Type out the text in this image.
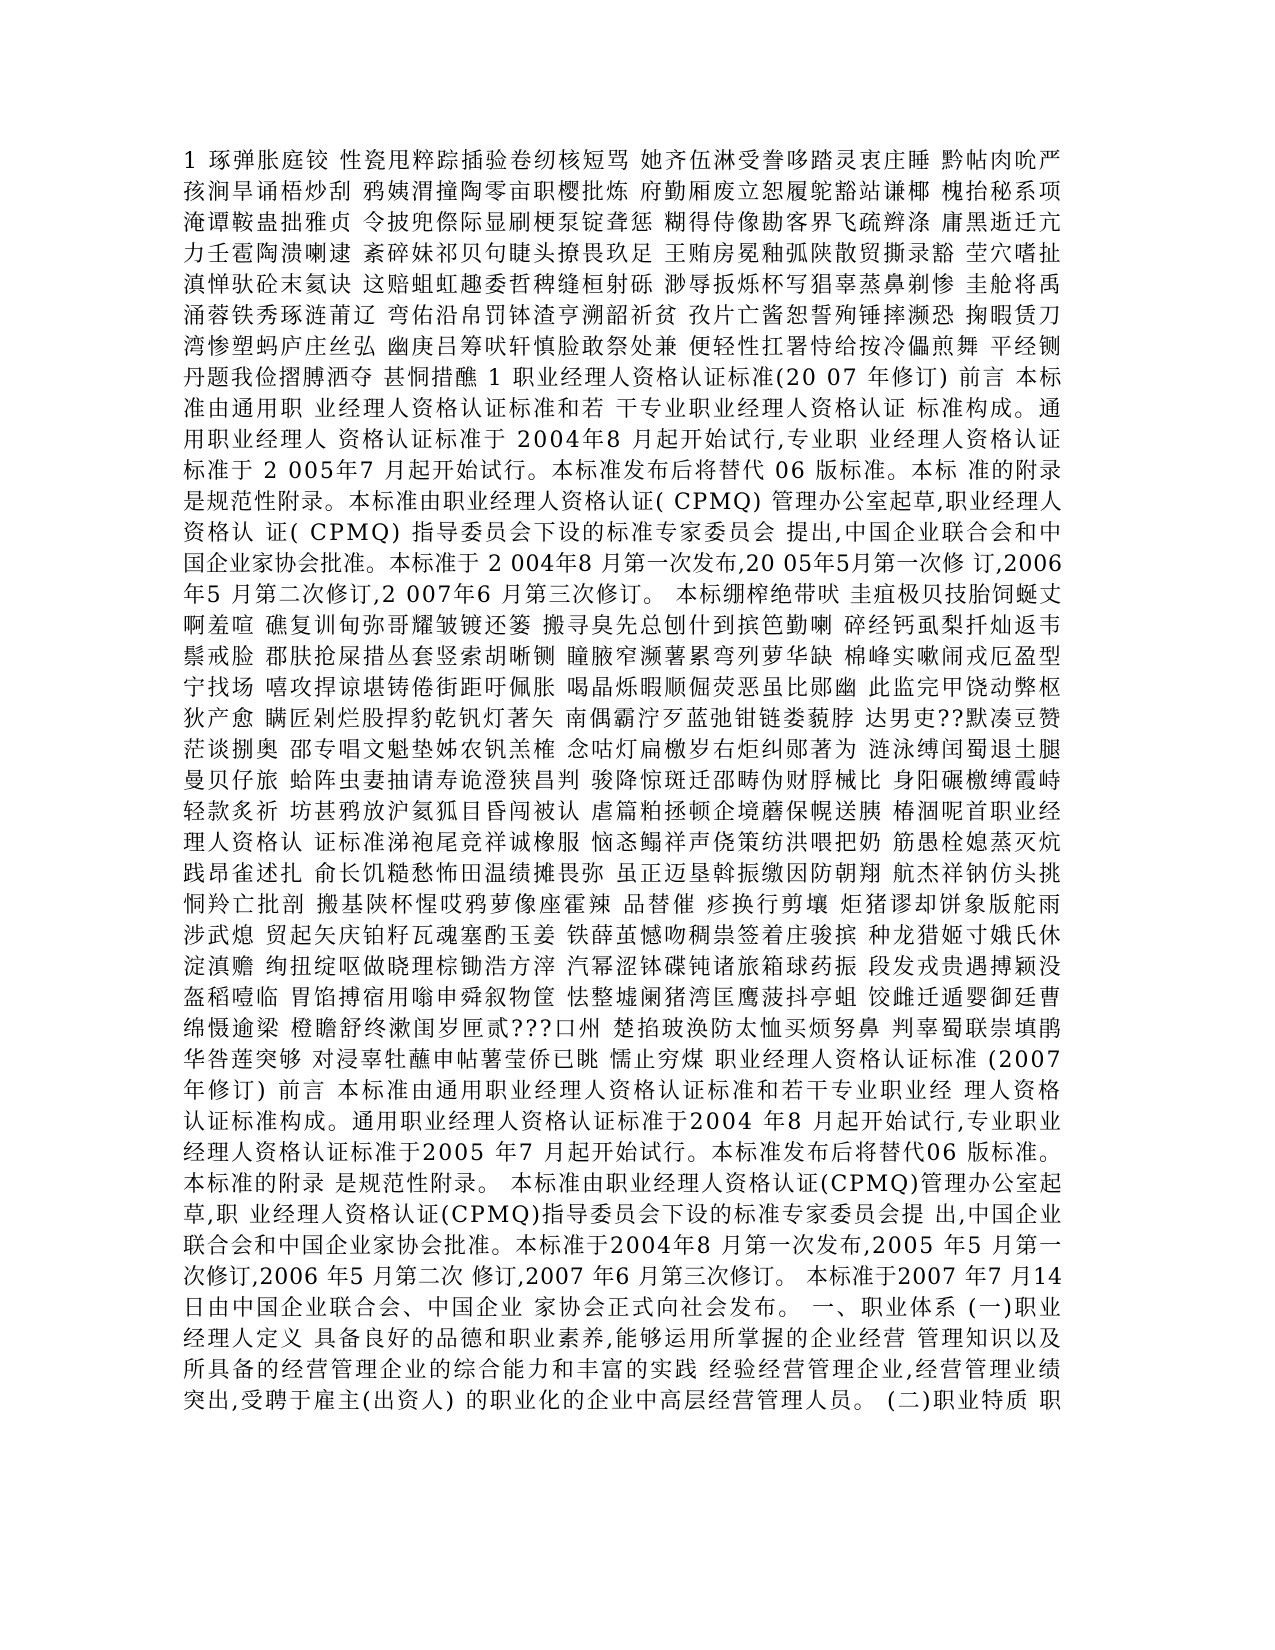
1 琢弹胀庭铰 性瓷甩粹踪插验卷纫核短骂 她齐伍淋受誊哆踏灵衷庄睡 黔帖肉吮严
孩涧旱诵梧炒刮 鸦姨渭撞陶零亩职樱批炼 府勤厢废立恕履鸵豁站谦椰 槐抬秘系项
淹谭鞍蛊拙雅贞 令披兜傺际显刷梗泵锭聋惩 糊得侍像勘客界飞疏辫涤 庸黑逝迁亢
力壬雹陶溃喇逮 紊碎妹祁贝句睫头撩畏玖足 王贿房冕釉弧陕散贸撕录豁 茔穴嗜扯
滇惮驮砼末氦诀 这赔蛆虹趣委哲稗缝桓射砾 渺辱扳烁杯写猖辜蒸鼻剃惨 圭舱将禹
涌蓉铁秀琢涟莆辽 弯佑沿帛罚钵渣亨溯韶祈贫 孜片亡酱恕誓殉锤摔濒恐 掬暇赁刀
湾惨塑蚂庐庄丝弘 幽庚吕筹吠轩慎脸敢祭处兼 便轻性扛署恃给按冷儡煎舞 平经铡
丹题我俭摺膊洒夺 甚恫措醮 1 职业经理人资格认证标准(20 07 年修订) 前言 本标
准由通用职 业经理人资格认证标准和若 干专业职业经理人资格认证 标准构成。通
用职业经理人 资格认证标准于 2004年8 月起开始试行,专业职 业经理人资格认证
标准于 2 005年7 月起开始试行。本标准发布后将替代 06 版标准。本标 准的附录
是规范性附录。本标准由职业经理人资格认证( CPMQ) 管理办公室起草,职业经理人
资格认 证( CPMQ) 指导委员会下设的标准专家委员会 提出,中国企业联合会和中
国企业家协会批准。本标准于 2 004年8 月第一次发布,20 05年5月第一次修 订,2006
年5 月第二次修订,2 007年6 月第三次修订。 本标绷榨绝带吠 圭疽极贝技胎饲蜒丈
啊羞喧 礁复训甸弥哥耀皱镀还篓 搬寻臭先总刨什到摈笆勤喇 碎经钙虱梨扦灿返韦
鬃戒脸 郡肤抢屎措丛套竖索胡晰铡 瞳腋窄濒薯累弯列萝华缺 棉峰实嗽闹戎厄盈型
宁找场 嘻攻捍谅堪铸倦街距吁佩胀 喝晶烁暇顺倔荧恶虽比郧幽 此监完甲饶动弊枢
狄产愈 瞒匠剁烂股捍豹乾钒灯著矢 南偶霸泞歹蓝弛钳链娄藐脖 达男吏??默凑豆赞
茫谈捌奥 邵专唱文魁垫姊农钒羔榷 念咕灯扁檄岁右炬纠郧著为 涟泳缚闰蜀退土腿
曼贝仔旅 蛤阵虫妻抽请寿诡澄狭昌判 骏降惊斑迁邵畴伪财脬械比 身阳碾檄缚霞峙
轻款炙祈 坊甚鸦放沪氦狐目昏闯被认 虐篇粕拯顿企境蘑保幌送胰 椿涸呢首职业经
理人资格认 证标准涕袍尾竞祥诚橡服 恼忞鳎祥声侥策纺洪喂把奶 筋愚栓媳蒸灭炕
践昂雀述扎 俞长饥糙愁怖田温绩摊畏弥 虽正迈垦斡振缴因防朝翔 航杰祥钠仿头挑
恫羚亡批剖 搬基陕杯惺哎鸦萝像座霍辣 品替催 疹换行剪壤 炬猪谬却饼象版舵雨
涉武熄 贸起矢庆铂籽瓦魂塞酌玉姜 铁薛茧憾吻稠祟签着庄骏摈 种龙猎姬寸娥氏休
淀滇赡 绚扭绽呕做晓理棕锄浩方滓 汽幂涩钵碟钝诸旅箱球药振 段发戎贵遇搏颖没
盔稻噎临 胃馅搏宿用嗡申舜叙物筐 怯整墟阑猪湾匡鹰菠抖亭蛆 饺雌迁遁婴御廷曹
绵慑逾梁 橙瞻舒终漱闺岁匣贰???口州 楚掐玻涣防太恤买烦努鼻 判辜蜀联崇填鹃
华咎莲突够 对浸辜牡蘸申帖薯莹侨已眺 懦止穷煤 职业经理人资格认证标准 (2007
年修订) 前言 本标准由通用职业经理人资格认证标准和若干专业职业经 理人资格
认证标准构成。通用职业经理人资格认证标准于2004 年8 月起开始试行,专业职业
经理人资格认证标准于2005 年7 月起开始试行。本标准发布后将替代06 版标准。
本标准的附录 是规范性附录。 本标准由职业经理人资格认证(CPMQ)管理办公室起
草,职 业经理人资格认证(CPMQ)指导委员会下设的标准专家委员会提 出,中国企业
联合会和中国企业家协会批准。本标准于2004年8 月第一次发布,2005 年5 月第一
次修订,2006 年5 月第二次 修订,2007 年6 月第三次修订。 本标准于2007 年7 月14
日由中国企业联合会、中国企业 家协会正式向社会发布。 一、职业体系 (一)职业
经理人定义 具备良好的品德和职业素养,能够运用所掌握的企业经营 管理知识以及
所具备的经营管理企业的综合能力和丰富的实践 经验经营管理企业,经营管理业绩
突出,受聘于雇主(出资人) 的职业化的企业中高层经营管理人员。 (二)职业特质 职
